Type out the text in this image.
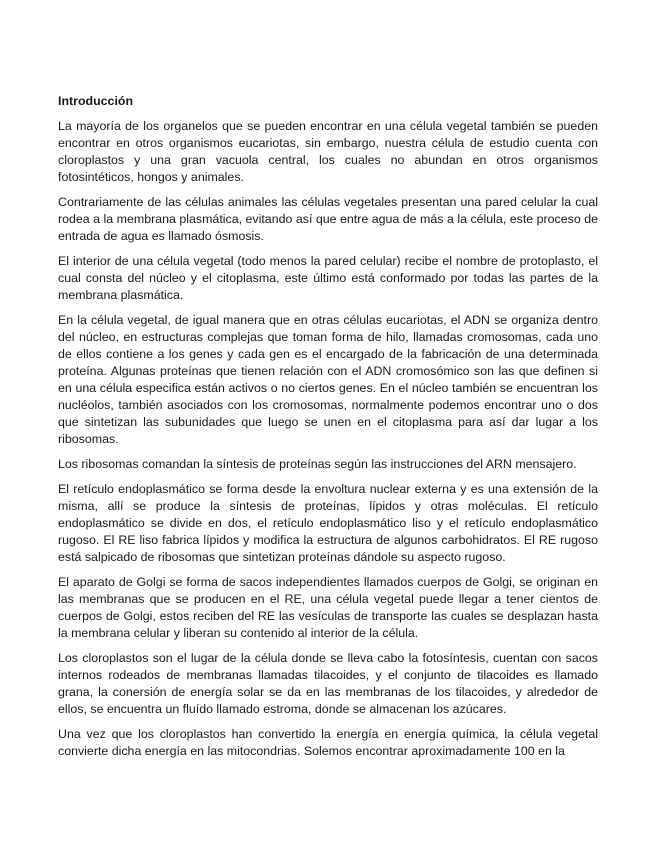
Introducción

La mayoría de los organelos que se pueden encontrar en una célula vegetal también se pueden encontrar en otros organismos eucariotas, sin embargo, nuestra célula de estudio cuenta con cloroplastos y una gran vacuola central, los cuales no abundan en otros organismos fotosintéticos, hongos y animales.

Contrariamente de las células animales las células vegetales presentan una pared celular la cual rodea a la membrana plasmática, evitando así que entre agua de más a la célula, este proceso de entrada de agua es llamado ósmosis.

El interior de una célula vegetal (todo menos la pared celular) recibe el nombre de protoplasto, el cual consta del núcleo y el citoplasma, este último está conformado por todas las partes de la membrana plasmática.

En la célula vegetal, de igual manera que en otras células eucariotas, el ADN se organiza dentro del núcleo, en estructuras complejas que toman forma de hilo, llamadas cromosomas, cada uno de ellos contiene a los genes y cada gen es el encargado de la fabricación de una determinada proteína. Algunas proteínas que tienen relación con el ADN cromosómico son las que definen si en una célula especifica están activos o no ciertos genes. En el núcleo también se encuentran los nucléolos, también asociados con los cromosomas, normalmente podemos encontrar uno o dos que sintetizan las subunidades que luego se unen en el citoplasma para así dar lugar a los ribosomas.

Los ribosomas comandan la síntesis de proteínas según las instrucciones del ARN mensajero.

El retículo endoplasmático se forma desde la envoltura nuclear externa y es una extensión de la misma, allí se produce la síntesis de proteínas, lípidos y otras moléculas. El retículo endoplasmático se divide en dos, el retículo endoplasmático liso y el retículo endoplasmático rugoso. El RE liso fabrica lípidos y modifica la estructura de algunos carbohidratos. El RE rugoso está salpicado de ribosomas que sintetizan proteínas dándole su aspecto rugoso.

El aparato de Golgi se forma de sacos independientes llamados cuerpos de Golgi, se originan en las membranas que se producen en el RE, una célula vegetal puede llegar a tener cientos de cuerpos de Golgi, estos reciben del RE las vesículas de transporte las cuales se desplazan hasta la membrana celular y liberan su contenido al interior de la célula.

Los cloroplastos son el lugar de la célula donde se lleva cabo la fotosíntesis, cuentan con sacos internos rodeados de membranas llamadas tilacoides, y el conjunto de tilacoides es llamado grana, la conersión de energía solar se da en las membranas de los tilacoides, y alrededor de ellos, se encuentra un fluído llamado estroma, donde se almacenan los azúcares.

Una vez que los cloroplastos han convertido la energía en energía química, la célula vegetal convierte dicha energía en las mitocondrias. Solemos encontrar aproximadamente 100 en la
